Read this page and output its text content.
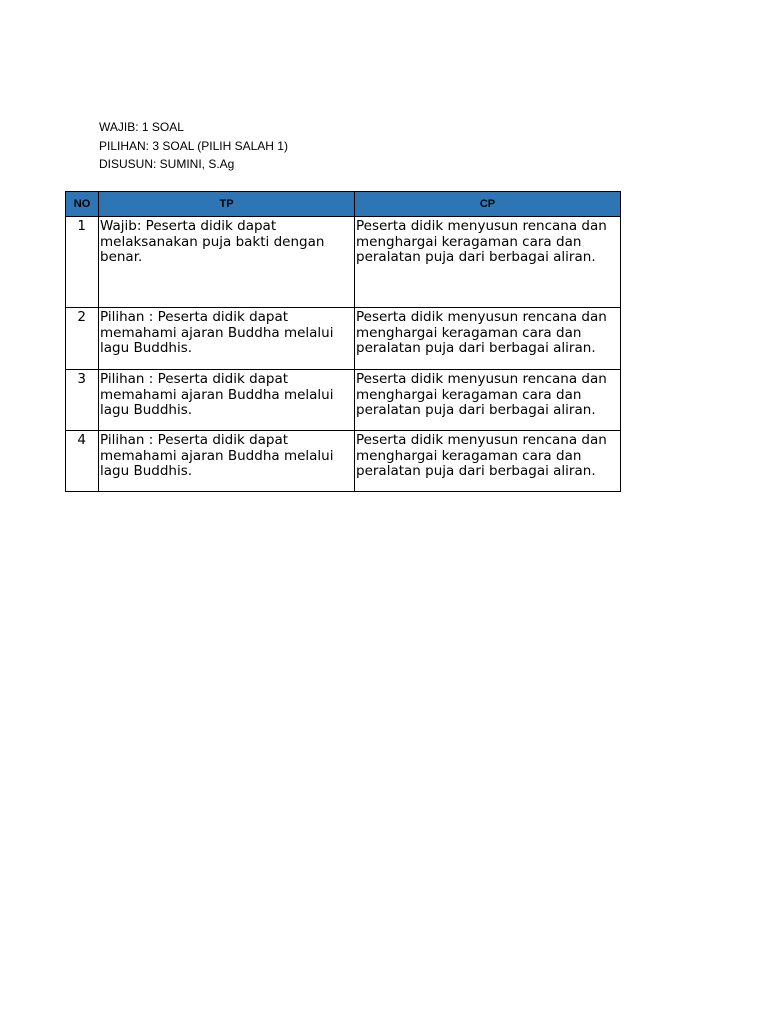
WAJIB: 1 SOAL
PILIHAN: 3 SOAL (PILIH SALAH 1)
DISUSUN: SUMINI, S.Ag
NO	TP	CP

1	Wajib: Peserta didik dapat melaksanakan puja bakti dengan benar.	Peserta didik menyusun rencana dan menghargai keragaman cara dan peralatan puja dari berbagai aliran.

2	Pilihan : Peserta didik dapat memahami ajaran Buddha melalui lagu Buddhis.	Peserta didik menyusun rencana dan menghargai keragaman cara dan peralatan puja dari berbagai aliran.

3	Pilihan : Peserta didik dapat memahami ajaran Buddha melalui lagu Buddhis.	Peserta didik menyusun rencana dan menghargai keragaman cara dan peralatan puja dari berbagai aliran.

4	Pilihan : Peserta didik dapat memahami ajaran Buddha melalui lagu Buddhis.	Peserta didik menyusun rencana dan menghargai keragaman cara dan peralatan puja dari berbagai aliran.
